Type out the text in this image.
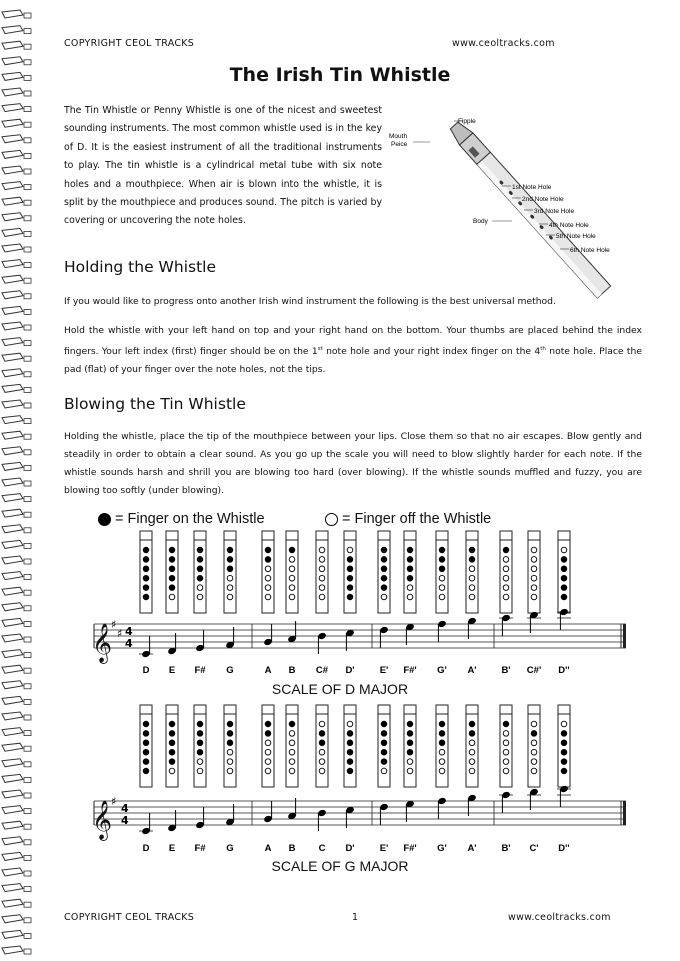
COPYRIGHT CEOL TRACKS	www.ceoltracks.com
The Irish Tin Whistle
The Tin Whistle or Penny Whistle is one of the nicest and sweetest sounding instruments. The most common whistle used is in the key of D. It is the easiest instrument of all the traditional instruments to play. The tin whistle is a cylindrical metal tube with six note holes and a mouthpiece. When air is blown into the whistle, it is split by the mouthpiece and produces sound. The pitch is varied by covering or uncovering the note holes.
Fipple
Mouth
Peice
Body
1st Note Hole
2nd Note Hole
3rd Note Hole
4th Note Hole
5th Note Hole
6th Note Hole
Holding the Whistle
If you would like to progress onto another Irish wind instrument the following is the best universal method.
Hold the whistle with your left hand on top and your right hand on the bottom. Your thumbs are placed behind the index fingers. Your left index (first) finger should be on the 1st note hole and your right index finger on the 4th note hole. Place the pad (flat) of your finger over the note holes, not the tips.
Blowing the Tin Whistle
Holding the whistle, place the tip of the mouthpiece between your lips. Close them so that no air escapes. Blow gently and steadily in order to obtain a clear sound. As you go up the scale you will need to blow slightly harder for each note. If the whistle sounds harsh and shrill you are blowing too hard (over blowing). If the whistle sounds muffled and fuzzy, you are blowing too softly (under blowing).
= Finger on the Whistle	= Finger off the Whistle
𝄞
♯
♯ 4
4
D E F# G	A B C# D'	E' F#' G' A'	B' C#' D''
𝄞
♯
4
4
D E F# G	A B C D'	E' F#' G' A'	B' C' D''
SCALE OF D MAJOR
SCALE OF G MAJOR
COPYRIGHT CEOL TRACKS	1	www.ceoltracks.com
